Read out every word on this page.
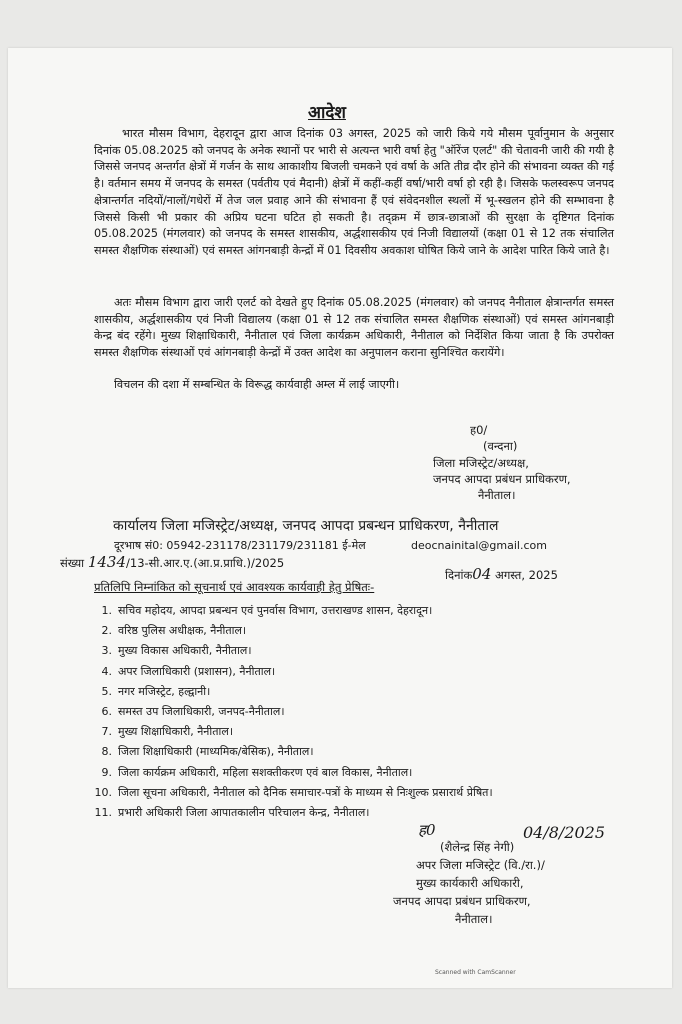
आदेश
भारत मौसम विभाग, देहरादून द्वारा आज दिनांक 03 अगस्त, 2025 को जारी किये गये मौसम पूर्वानुमान के अनुसार दिनांक 05.08.2025 को जनपद के अनेक स्थानों पर भारी से अत्यन्त भारी वर्षा हेतु "ऑरेंज एलर्ट" की चेतावनी जारी की गयी है जिससे जनपद अन्तर्गत क्षेत्रों में गर्जन के साथ आकाशीय बिजली चमकने एवं वर्षा के अति तीव्र दौर होने की संभावना व्यक्त की गई है। वर्तमान समय में जनपद के समस्त (पर्वतीय एवं मैदानी) क्षेत्रों में कहीं-कहीं वर्षा/भारी वर्षा हो रही है। जिसके फलस्वरूप जनपद क्षेत्रान्तर्गत नदियों/नालों/गधेरों में तेज जल प्रवाह आने की संभावना हैं एवं संवेदनशील स्थलों में भू-स्खलन होने की सम्भावना है जिससे किसी भी प्रकार की अप्रिय घटना घटित हो सकती है। तद्क्रम में छात्र-छात्राओं की सुरक्षा के दृष्टिगत दिनांक 05.08.2025 (मंगलवार) को जनपद के समस्त शासकीय, अर्द्धशासकीय एवं निजी विद्यालयों (कक्षा 01 से 12 तक संचालित समस्त शैक्षणिक संस्थाओं) एवं समस्त आंगनबाड़ी केन्द्रों में 01 दिवसीय अवकाश घोषित किये जाने के आदेश पारित किये जाते है।
अतः मौसम विभाग द्वारा जारी एलर्ट को देखते हुए दिनांक 05.08.2025 (मंगलवार) को जनपद नैनीताल क्षेत्रान्तर्गत समस्त शासकीय, अर्द्धशासकीय एवं निजी विद्यालय (कक्षा 01 से 12 तक संचालित समस्त शैक्षणिक संस्थाओं) एवं समस्त आंगनबाड़ी केन्द्र बंद रहेंगे। मुख्य शिक्षाधिकारी, नैनीताल एवं जिला कार्यक्रम अधिकारी, नैनीताल को निर्देशित किया जाता है कि उपरोक्त समस्त शैक्षणिक संस्थाओं एवं आंगनबाड़ी केन्द्रों में उक्त आदेश का अनुपालन कराना सुनिश्चित करायेंगे।
विचलन की दशा में सम्बन्धित के विरूद्ध कार्यवाही अम्ल में लाई जाएगी।
ह0/
(वन्दना)
जिला मजिस्ट्रेट/अध्यक्ष,
जनपद आपदा प्रबंधन प्राधिकरण,
नैनीताल।
कार्यालय जिला मजिस्ट्रेट/अध्यक्ष, जनपद आपदा प्रबन्धन प्राधिकरण, नैनीताल
दूरभाष सं0: 05942-231178/231179/231181 ई-मेल	deocnainital@gmail.com
संख्या 1434/13-सी.आर.ए.(आ.प्र.प्राधि.)/2025
दिनांक04 अगस्त, 2025
प्रतिलिपि निम्नांकित को सूचनार्थ एवं आवश्यक कार्यवाही हेतु प्रेषितः-
1. सचिव महोदय, आपदा प्रबन्धन एवं पुनर्वास विभाग, उत्तराखण्ड शासन, देहरादून।
2. वरिष्ठ पुलिस अधीक्षक, नैनीताल।
3. मुख्य विकास अधिकारी, नैनीताल।
4. अपर जिलाधिकारी (प्रशासन), नैनीताल।
5. नगर मजिस्ट्रेट, हल्द्वानी।
6. समस्त उप जिलाधिकारी, जनपद-नैनीताल।
7. मुख्य शिक्षाधिकारी, नैनीताल।
8. जिला शिक्षाधिकारी (माध्यमिक/बेसिक), नैनीताल।
9. जिला कार्यक्रम अधिकारी, महिला सशक्तीकरण एवं बाल विकास, नैनीताल।
10. जिला सूचना अधिकारी, नैनीताल को दैनिक समाचार-पत्रों के माध्यम से निःशुल्क प्रसारार्थ प्रेषित।
11. प्रभारी अधिकारी जिला आपातकालीन परिचालन केन्द्र, नैनीताल।
ह0	04/8/2025
(शैलेन्द्र सिंह नेगी)
अपर जिला मजिस्ट्रेट (वि./रा.)/
मुख्य कार्यकारी अधिकारी,
जनपद आपदा प्रबंधन प्राधिकरण,
नैनीताल।
Scanned with CamScanner
